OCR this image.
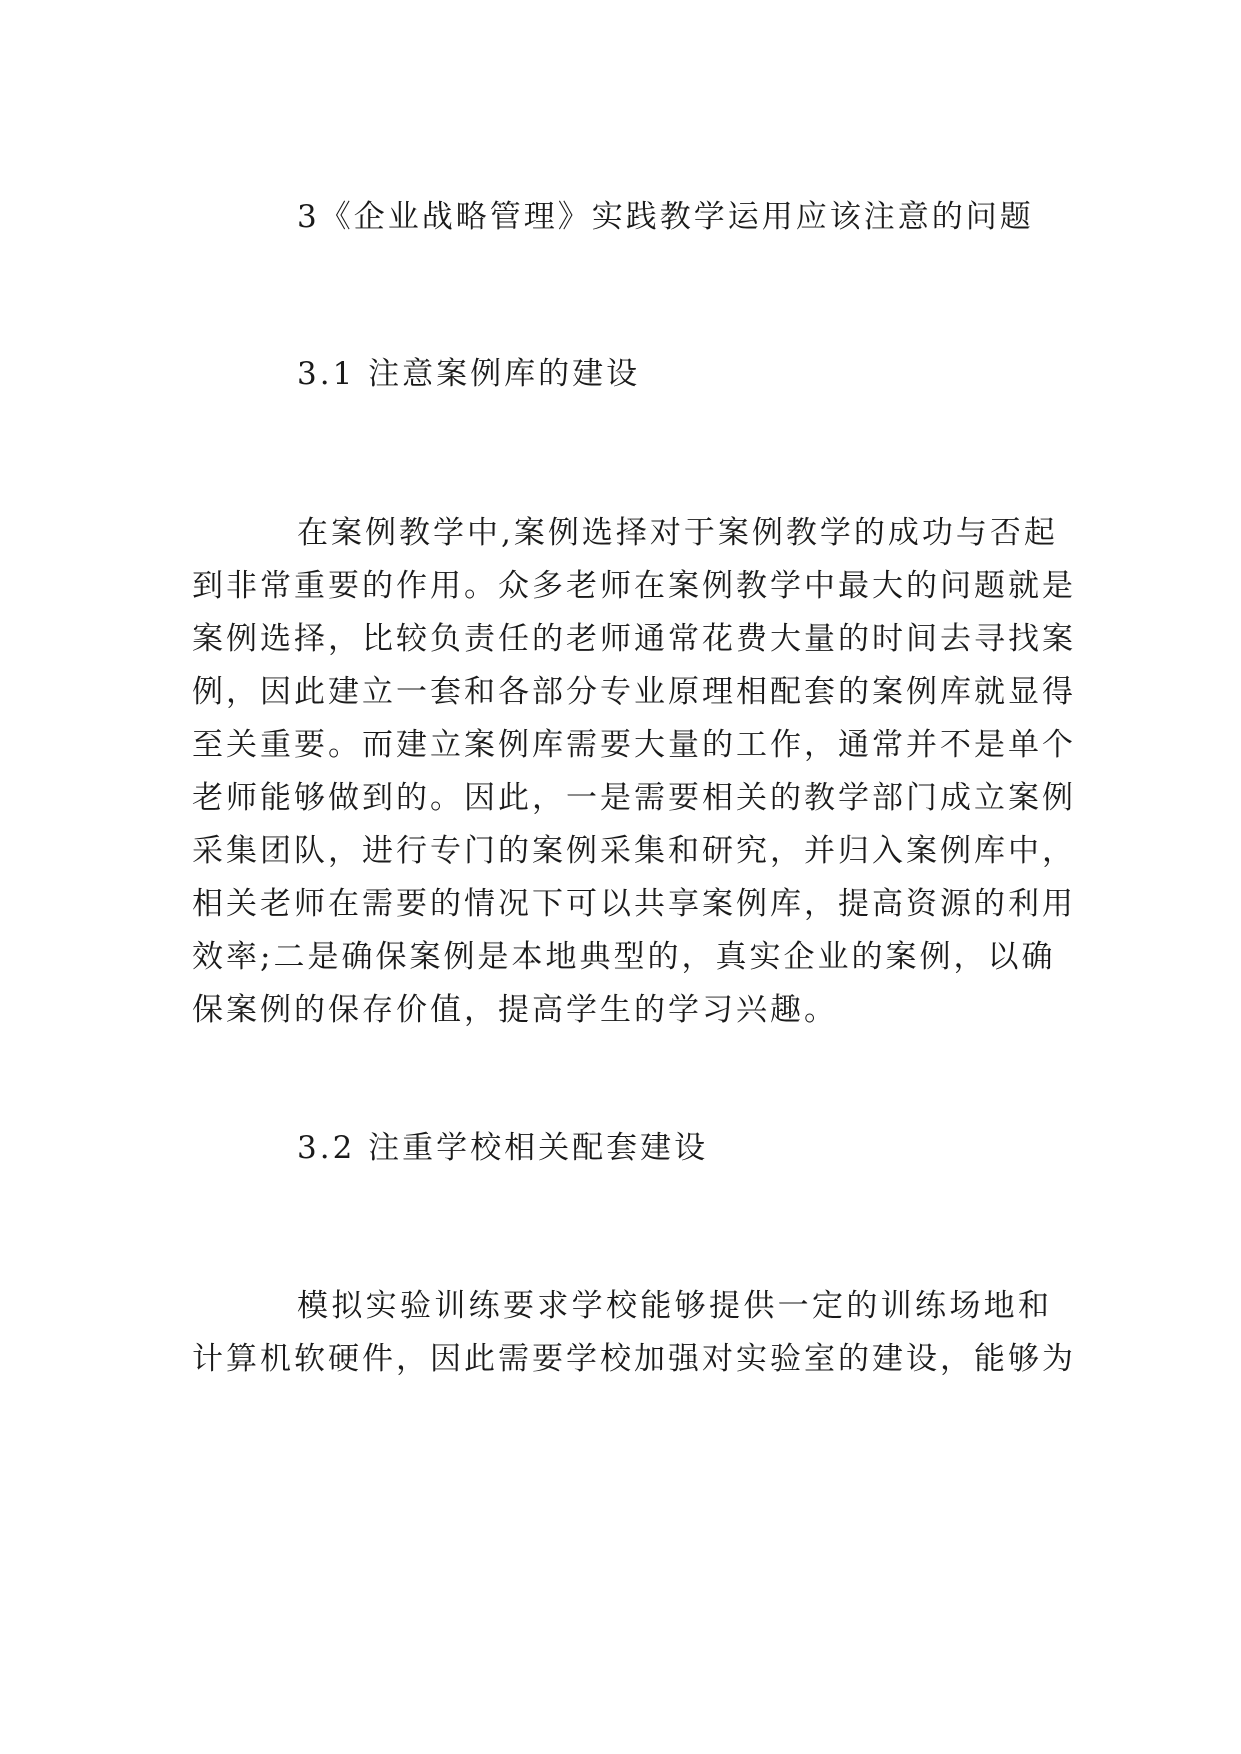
3《企业战略管理》实践教学运用应该注意的问题
3.1 注意案例库的建设
在案例教学中,案例选择对于案例教学的成功与否起
到非常重要的作用。众多老师在案例教学中最大的问题就是
案例选择，比较负责任的老师通常花费大量的时间去寻找案
例，因此建立一套和各部分专业原理相配套的案例库就显得
至关重要。而建立案例库需要大量的工作，通常并不是单个
老师能够做到的。因此，一是需要相关的教学部门成立案例
采集团队，进行专门的案例采集和研究，并归入案例库中，
相关老师在需要的情况下可以共享案例库，提高资源的利用
效率;二是确保案例是本地典型的，真实企业的案例，以确
保案例的保存价值，提高学生的学习兴趣。
3.2 注重学校相关配套建设
模拟实验训练要求学校能够提供一定的训练场地和
计算机软硬件，因此需要学校加强对实验室的建设，能够为
